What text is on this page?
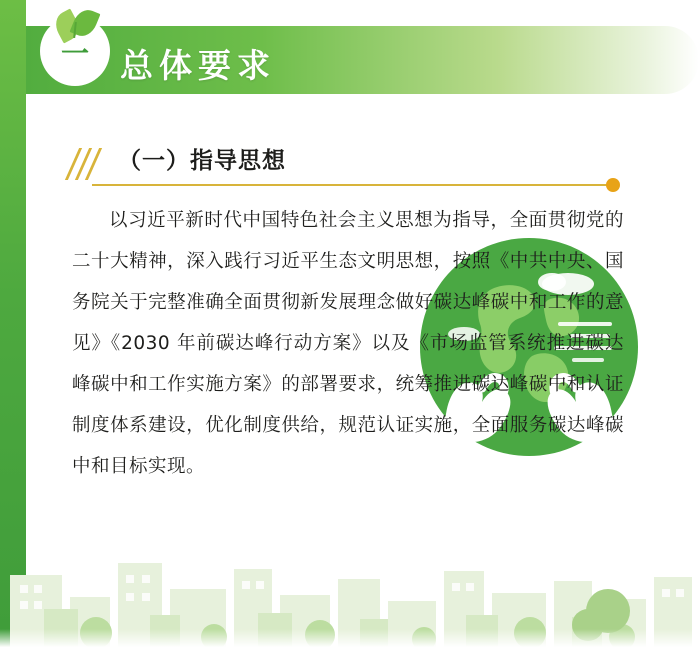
总体要求
一
（一）指导思想
以习近平新时代中国特色社会主义思想为指导，全面贯彻党的二十大精神，深入践行习近平生态文明思想，按照《中共中央、国务院关于完整准确全面贯彻新发展理念做好碳达峰碳中和工作的意见》《2030 年前碳达峰行动方案》以及《市场监管系统推进碳达峰碳中和工作实施方案》的部署要求，统筹推进碳达峰碳中和认证制度体系建设，优化制度供给，规范认证实施，全面服务碳达峰碳中和目标实现。
